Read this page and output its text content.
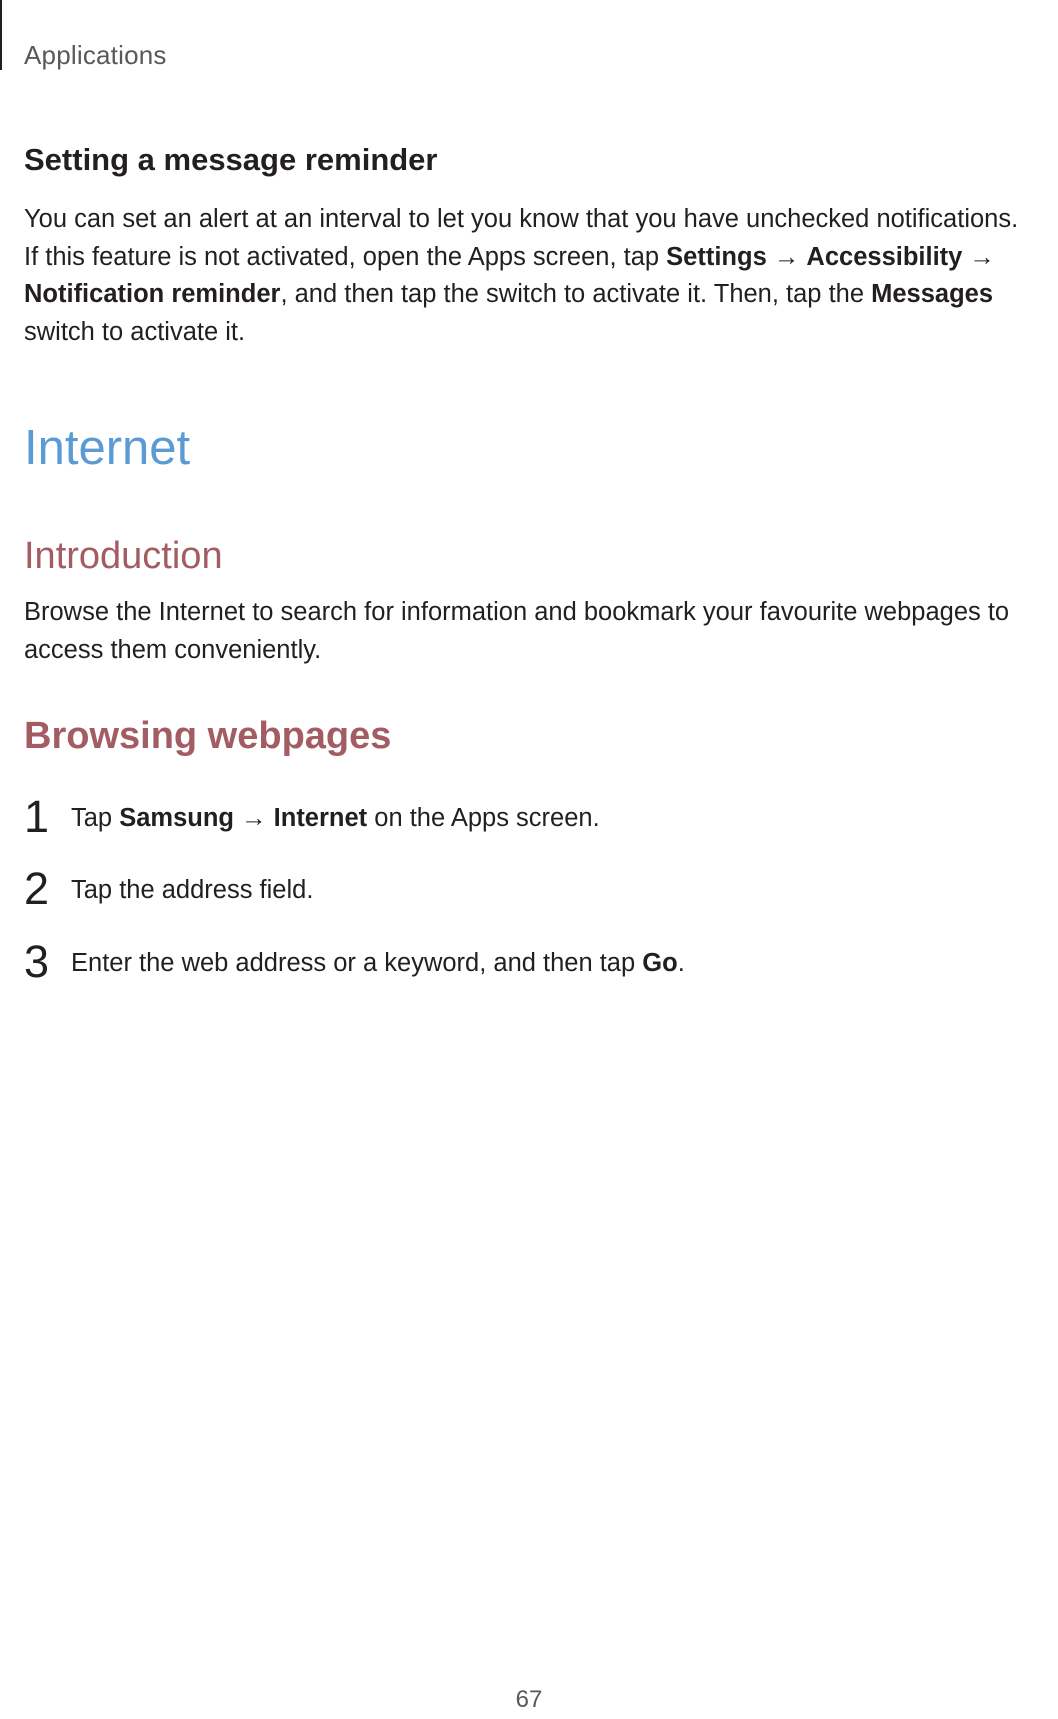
Applications
Setting a message reminder
You can set an alert at an interval to let you know that you have unchecked notifications.
If this feature is not activated, open the Apps screen, tap Settings → Accessibility → Notification reminder, and then tap the switch to activate it. Then, tap the Messages switch to activate it.
Internet
Introduction
Browse the Internet to search for information and bookmark your favourite webpages to access them conveniently.
Browsing webpages
1 Tap Samsung → Internet on the Apps screen.
2 Tap the address field.
3 Enter the web address or a keyword, and then tap Go.
67
